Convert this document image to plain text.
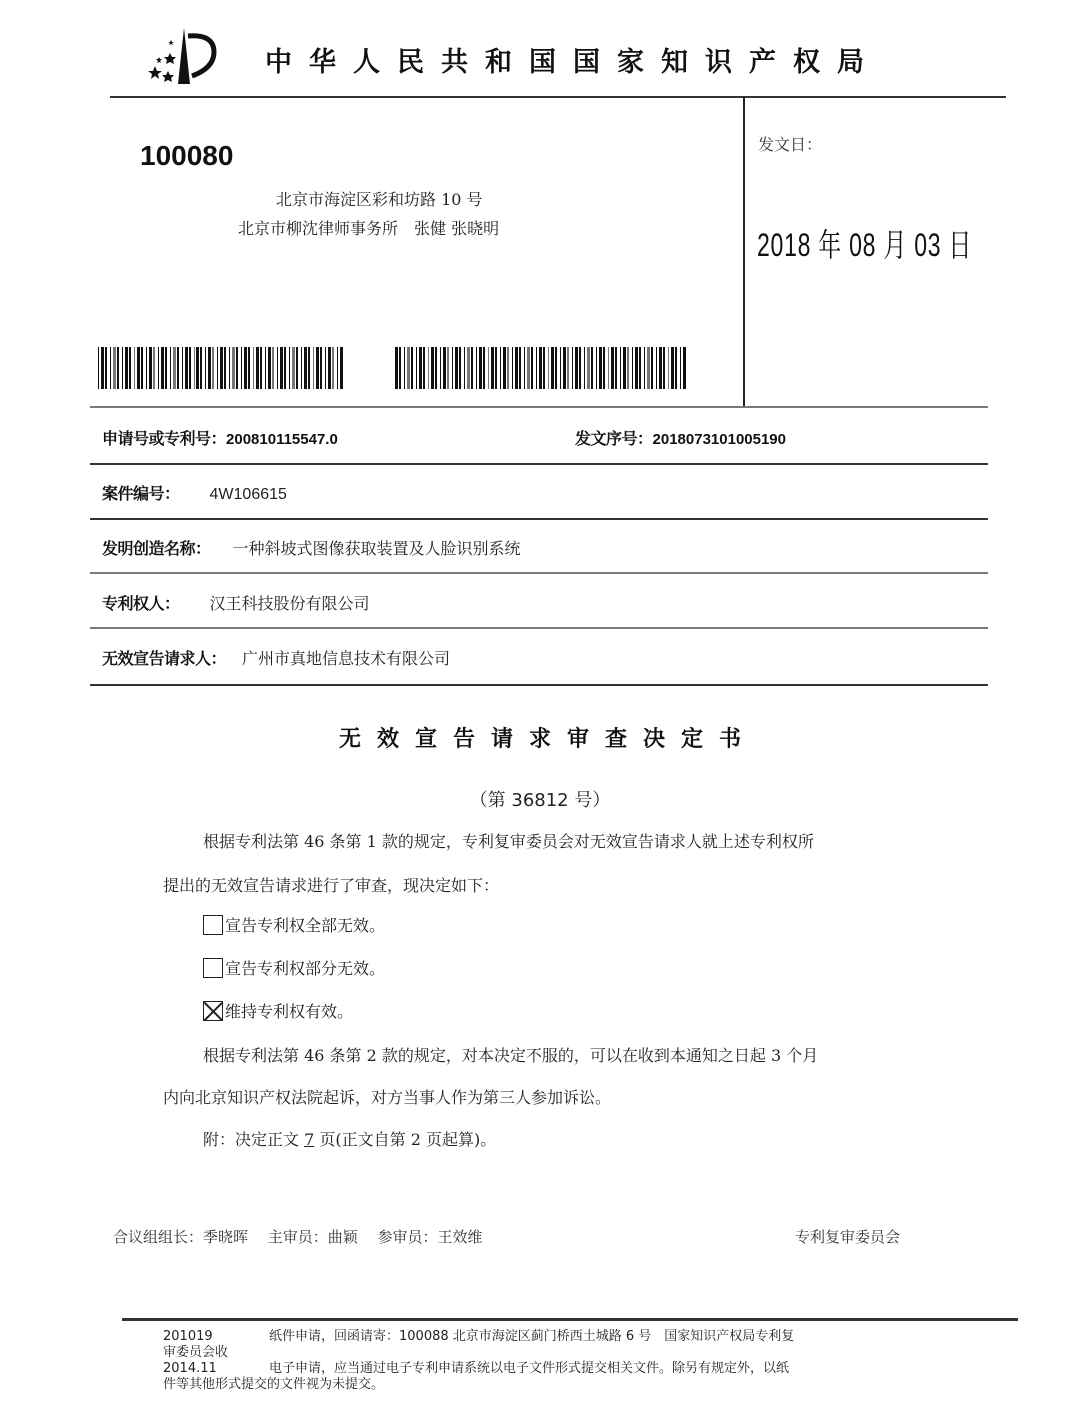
中华人民共和国国家知识产权局
100080
北京市海淀区彩和坊路 10 号
北京市柳沈律师事务所　张健 张晓明
发文日：
2018 年 08 月 03 日
申请号或专利号：200810115547.0	发文序号：2018073101005190
案件编号： 4W106615
发明创造名称： 一种斜坡式图像获取装置及人脸识别系统
专利权人： 汉王科技股份有限公司
无效宣告请求人： 广州市真地信息技术有限公司
无效宣告请求审查决定书
（第 36812 号）
根据专利法第 46 条第 1 款的规定，专利复审委员会对无效宣告请求人就上述专利权所
提出的无效宣告请求进行了审查，现决定如下：
宣告专利权全部无效。
宣告专利权部分无效。
维持专利权有效。
根据专利法第 46 条第 2 款的规定，对本决定不服的，可以在收到本通知之日起 3 个月
内向北京知识产权法院起诉，对方当事人作为第三人参加诉讼。
附：决定正文 7 页(正文自第 2 页起算)。
合议组组长：季晓晖　 主审员：曲颖　 参审员：王效维	专利复审委员会
201019	纸件申请，回函请寄：100088 北京市海淀区蓟门桥西土城路 6 号　国家知识产权局专利复
审委员会收
2014.11	电子申请，应当通过电子专利申请系统以电子文件形式提交相关文件。除另有规定外，以纸
件等其他形式提交的文件视为未提交。
